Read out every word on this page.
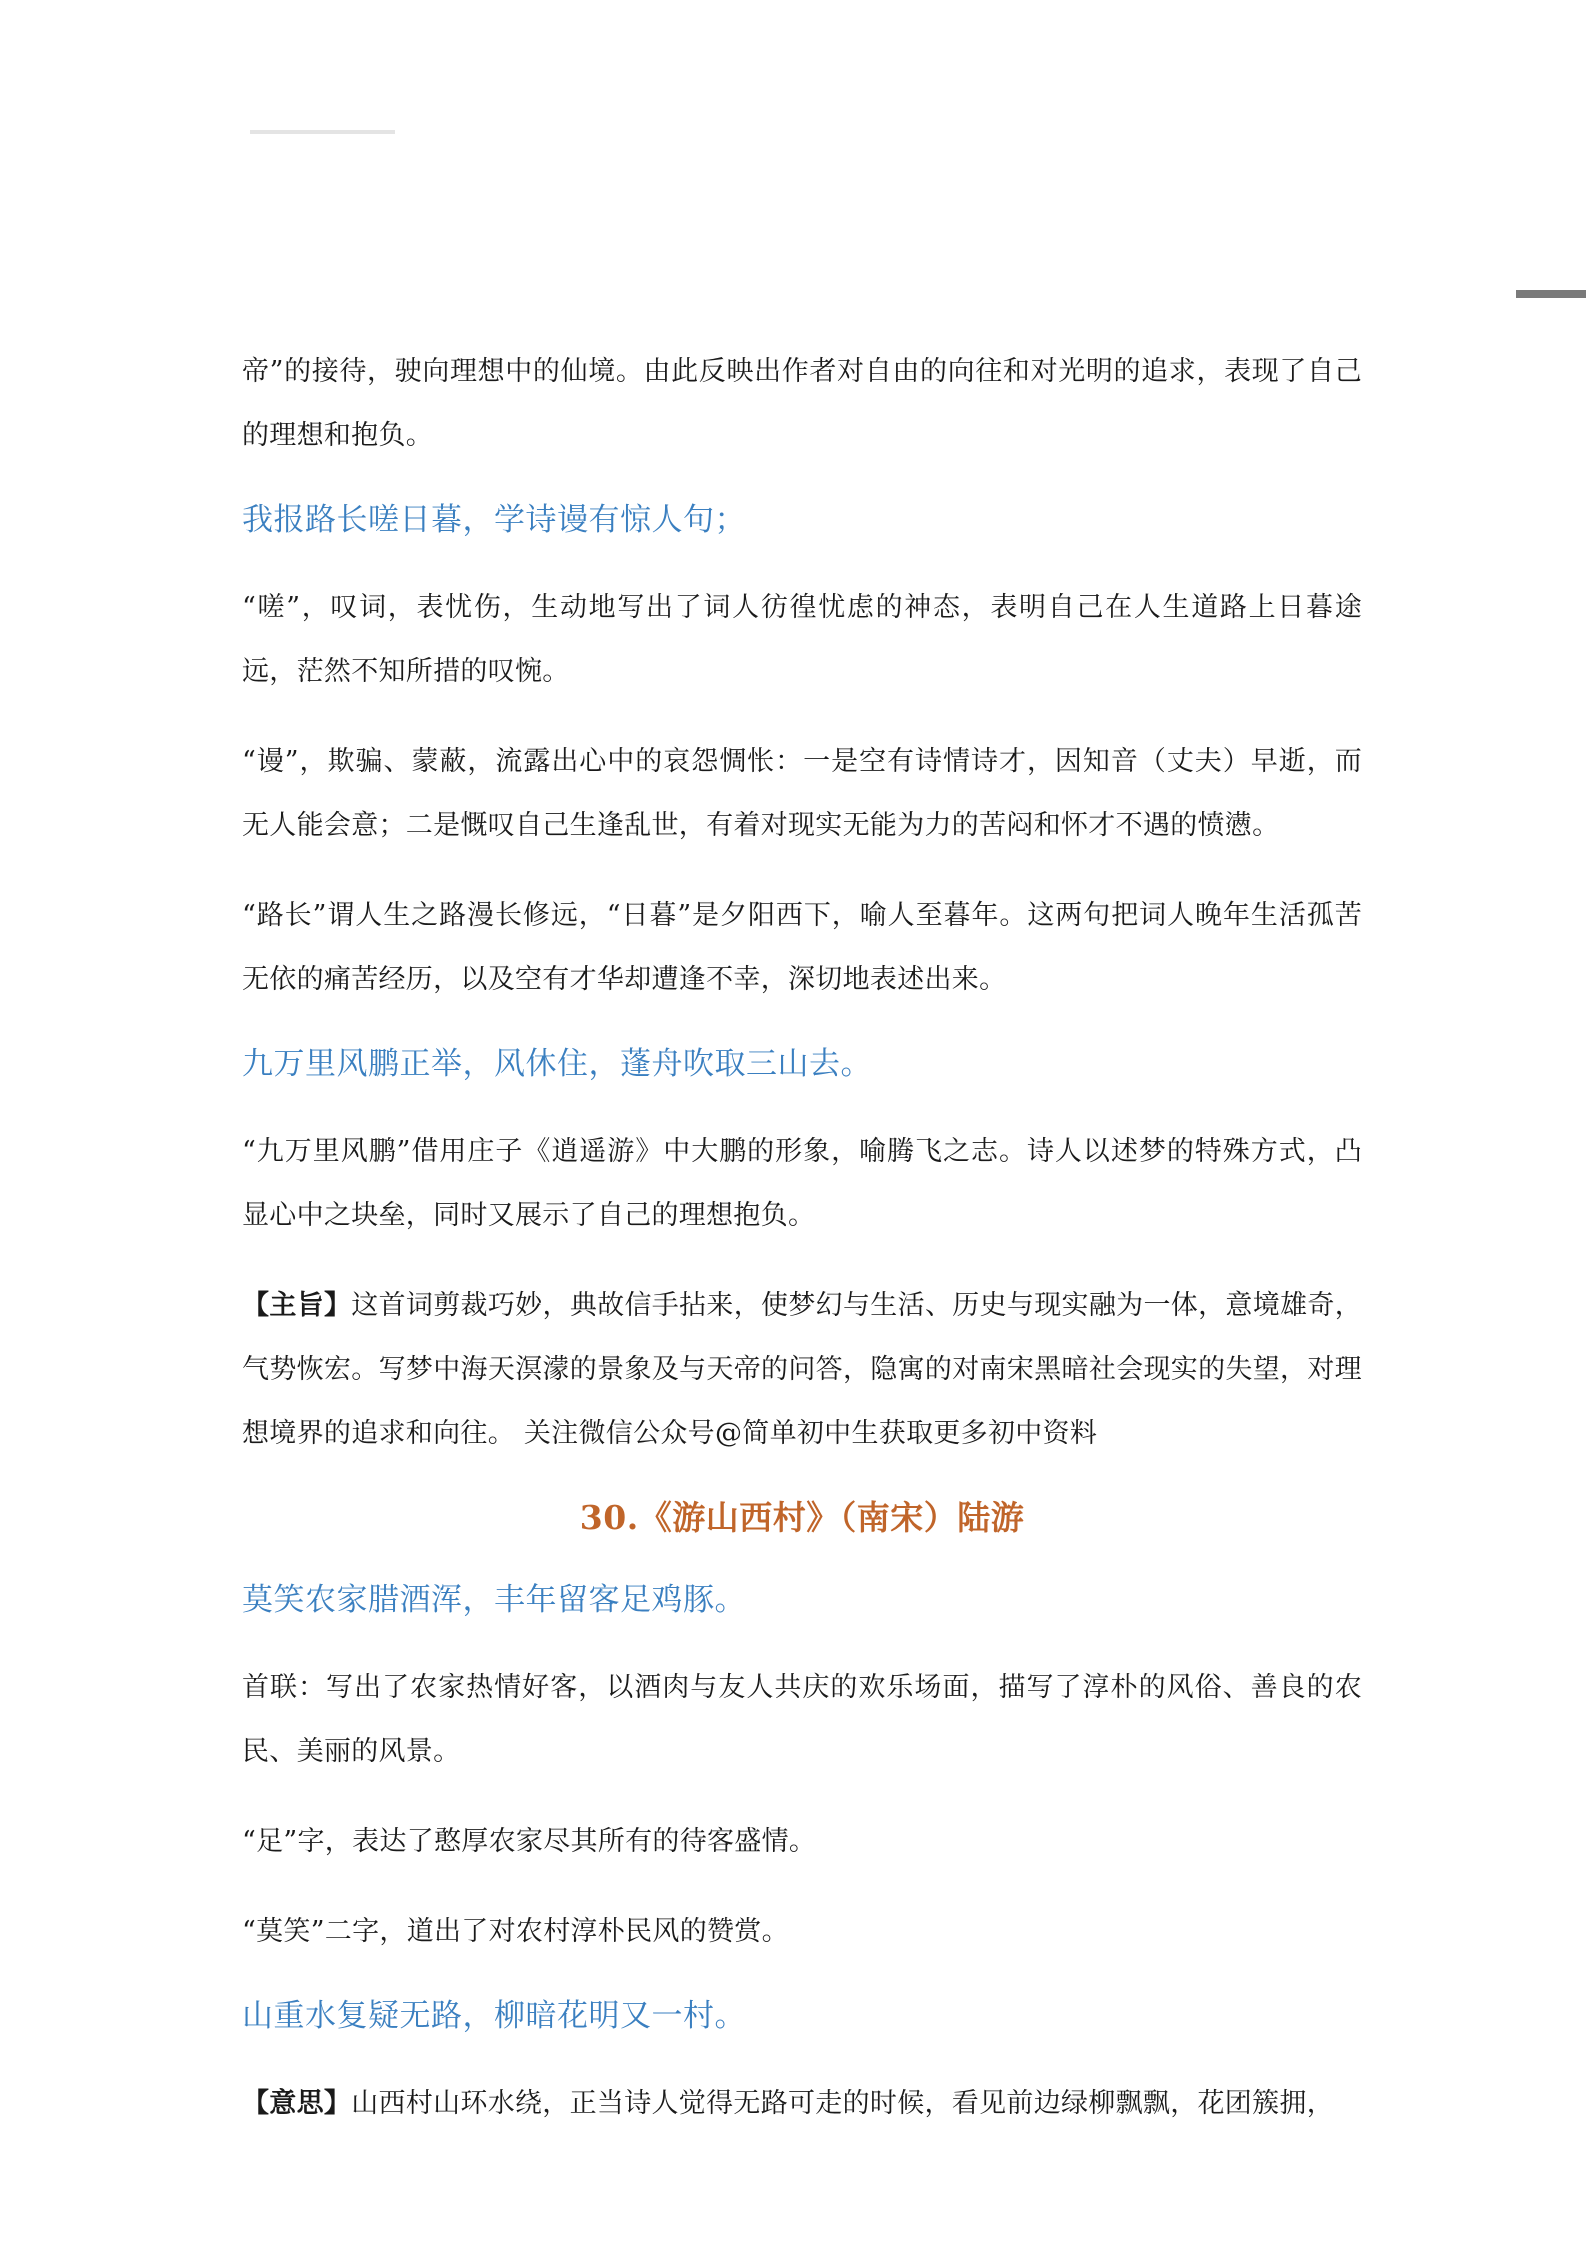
帝”的接待，驶向理想中的仙境。由此反映出作者对自由的向往和对光明的追求，表现了自己的理想和抱负。

我报路长嗟日暮，学诗谩有惊人句；

“嗟”，叹词，表忧伤，生动地写出了词人彷徨忧虑的神态，表明自己在人生道路上日暮途远，茫然不知所措的叹惋。

“谩”，欺骗、蒙蔽，流露出心中的哀怨惆怅：一是空有诗情诗才，因知音（丈夫）早逝，而无人能会意；二是慨叹自己生逢乱世，有着对现实无能为力的苦闷和怀才不遇的愤懑。

“路长”谓人生之路漫长修远，“日暮”是夕阳西下，喻人至暮年。这两句把词人晚年生活孤苦无依的痛苦经历，以及空有才华却遭逢不幸，深切地表述出来。

九万里风鹏正举，风休住，蓬舟吹取三山去。

“九万里风鹏”借用庄子《逍遥游》中大鹏的形象，喻腾飞之志。诗人以述梦的特殊方式，凸显心中之块垒，同时又展示了自己的理想抱负。

【主旨】这首词剪裁巧妙，典故信手拈来，使梦幻与生活、历史与现实融为一体，意境雄奇，气势恢宏。写梦中海天溟濛的景象及与天帝的问答，隐寓的对南宋黑暗社会现实的失望，对理想境界的追求和向往。 关注微信公众号@简单初中生获取更多初中资料

30.《游山西村》（南宋）陆游

莫笑农家腊酒浑，丰年留客足鸡豚。

首联：写出了农家热情好客，以酒肉与友人共庆的欢乐场面，描写了淳朴的风俗、善良的农民、美丽的风景。

“足”字，表达了憨厚农家尽其所有的待客盛情。

“莫笑”二字，道出了对农村淳朴民风的赞赏。

山重水复疑无路，柳暗花明又一村。

【意思】山西村山环水绕，正当诗人觉得无路可走的时候，看见前边绿柳飘飘，花团簇拥，
